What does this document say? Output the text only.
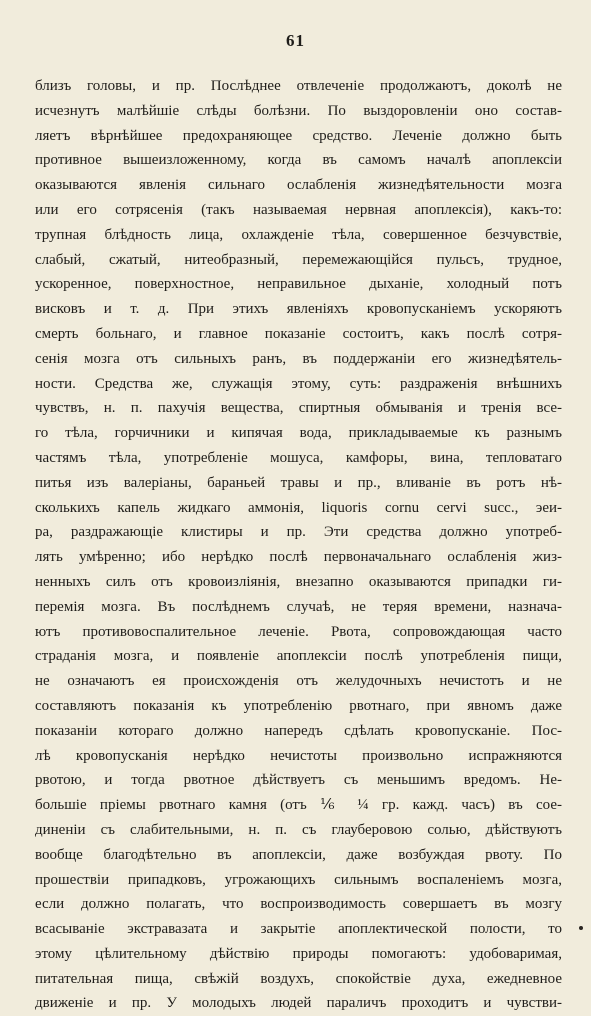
61
близъ головы, и пр. Послѣднее отвлеченіе продолжаютъ, доколѣ не
исчезнутъ малѣйшіе слѣды болѣзни. По выздоровленіи оно состав-
ляетъ вѣрнѣйшее предохраняющее средство. Леченіе должно быть
противное вышеизложенному, когда въ самомъ началѣ апоплексіи
оказываются явленія сильнаго ослабленія жизнедѣятельности мозга
или его сотрясенія (такъ называемая нервная апоплексія), какъ-то:
трупная блѣдность лица, охлажденіе тѣла, совершенное безчувствіе,
слабый, сжатый, нитеобразный, перемежающійся пульсъ, трудное,
ускоренное, поверхностное, неправильное дыханіе, холодный потъ
висковъ и т. д. При этихъ явленіяхъ кровопусканіемъ ускоряютъ
смерть больнаго, и главное показаніе состоитъ, какъ послѣ сотря-
сенія мозга отъ сильныхъ ранъ, въ поддержаніи его жизнедѣятель-
ности. Средства же, служащія этому, суть: раздраженія внѣшнихъ
чувствъ, н. п. пахучія вещества, спиртныя обмыванія и тренія все-
го тѣла, горчичники и кипячая вода, прикладываемые къ разнымъ
частямъ тѣла, употребленіе мошуса, камфоры, вина, тепловатаго
питья изъ валеріаны, бараньей травы и пр., вливаніе въ ротъ нѣ-
сколькихъ капель жидкаго аммонія, liquoris cornu cervi succ., эеи-
ра, раздражающіе клистиры и пр. Эти средства должно употреб-
лять умѣренно; ибо нерѣдко послѣ первоначальнаго ослабленія жиз-
ненныхъ силъ отъ кровоизліянія, внезапно оказываются припадки ги-
перемія мозга. Въ послѣднемъ случаѣ, не теряя времени, назнача-
ютъ противовоспалительное леченіе. Рвота, сопровождающая часто
страданія мозга, и появленіе апоплексіи послѣ употребленія пищи,
не означаютъ ея происхожденія отъ желудочныхъ нечистотъ и не
составляютъ показанія къ употребленію рвотнаго, при явномъ даже
показаніи котораго должно напередъ сдѣлать кровопусканіе. Пос-
лѣ кровопусканія нерѣдко нечистоты произвольно испражняются
рвотою, и тогда рвотное дѣйствуетъ съ меньшимъ вредомъ. Не-
большіе пріемы рвотнаго камня (отъ ⅙ ¼ гр. кажд. часъ) въ сое-
диненіи съ слабительными, н. п. съ глауберовою солью, дѣйствуютъ
вообще благодѣтельно въ апоплексіи, даже возбуждая рвоту. По
прошествіи припадковъ, угрожающихъ сильнымъ воспаленіемъ мозга,
если должно полагать, что воспроизводимость совершаетъ въ мозгу
всасываніе экстравазата и закрытіе апоплектической полости, то
этому цѣлительному дѣйствію природы помогаютъ: удобоваримая,
питательная пища, свѣжій воздухъ, спокойствіе духа, ежедневное
движеніе и пр. У молодыхъ людей параличъ проходитъ и чувстви-
